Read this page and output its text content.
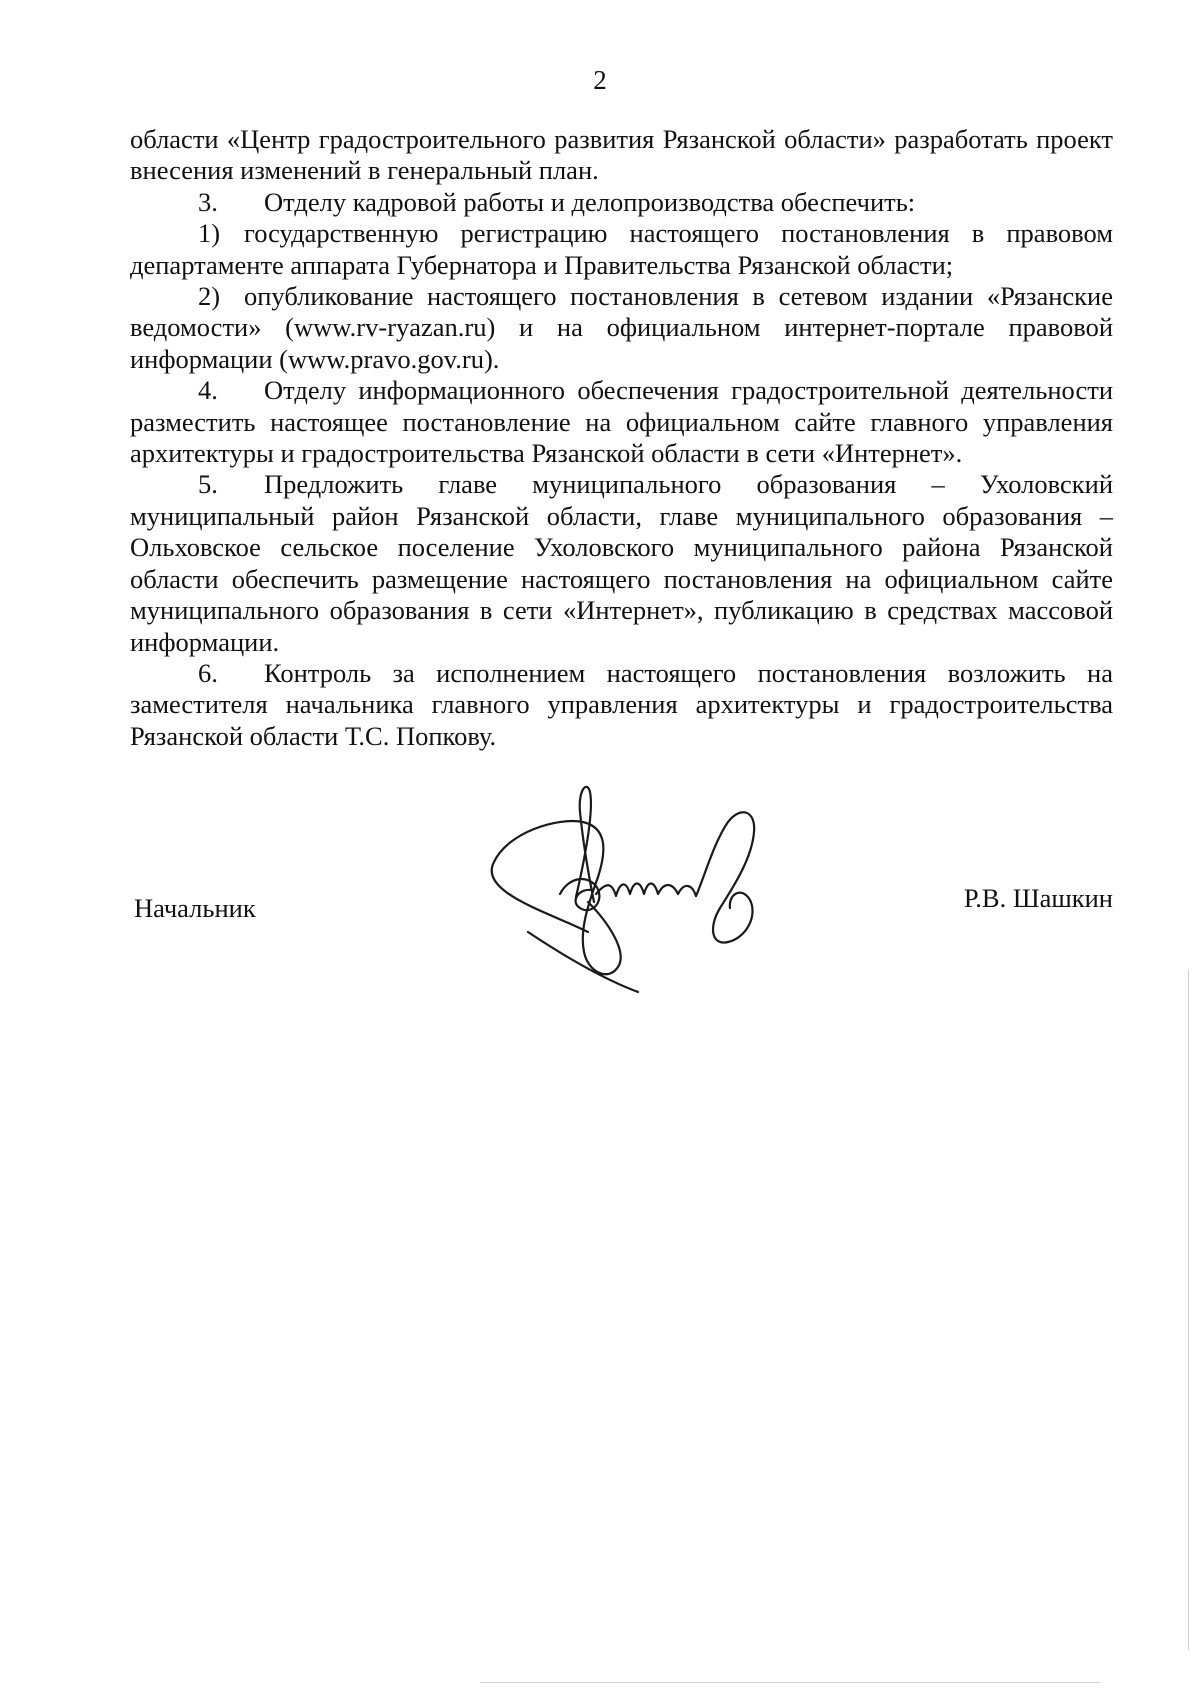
2

области «Центр градостроительного развития Рязанской области» разработать проект внесения изменений в генеральный план.

3. Отделу кадровой работы и делопроизводства обеспечить:

1) государственную регистрацию настоящего постановления в правовом департаменте аппарата Губернатора и Правительства Рязанской области;

2) опубликование настоящего постановления в сетевом издании «Рязанские ведомости» (www.rv-ryazan.ru) и на официальном интернет-портале правовой информации (www.pravo.gov.ru).

4. Отделу информационного обеспечения градостроительной деятельности разместить настоящее постановление на официальном сайте главного управления архитектуры и градостроительства Рязанской области в сети «Интернет».

5. Предложить главе муниципального образования – Ухоловский муниципальный район Рязанской области, главе муниципального образования – Ольховское сельское поселение Ухоловского муниципального района Рязанской области обеспечить размещение настоящего постановления на официальном сайте муниципального образования в сети «Интернет», публикацию в средствах массовой информации.

6. Контроль за исполнением настоящего постановления возложить на заместителя начальника главного управления архитектуры и градостроительства Рязанской области Т.С. Попкову.

Начальник	Р.В. Шашкин
